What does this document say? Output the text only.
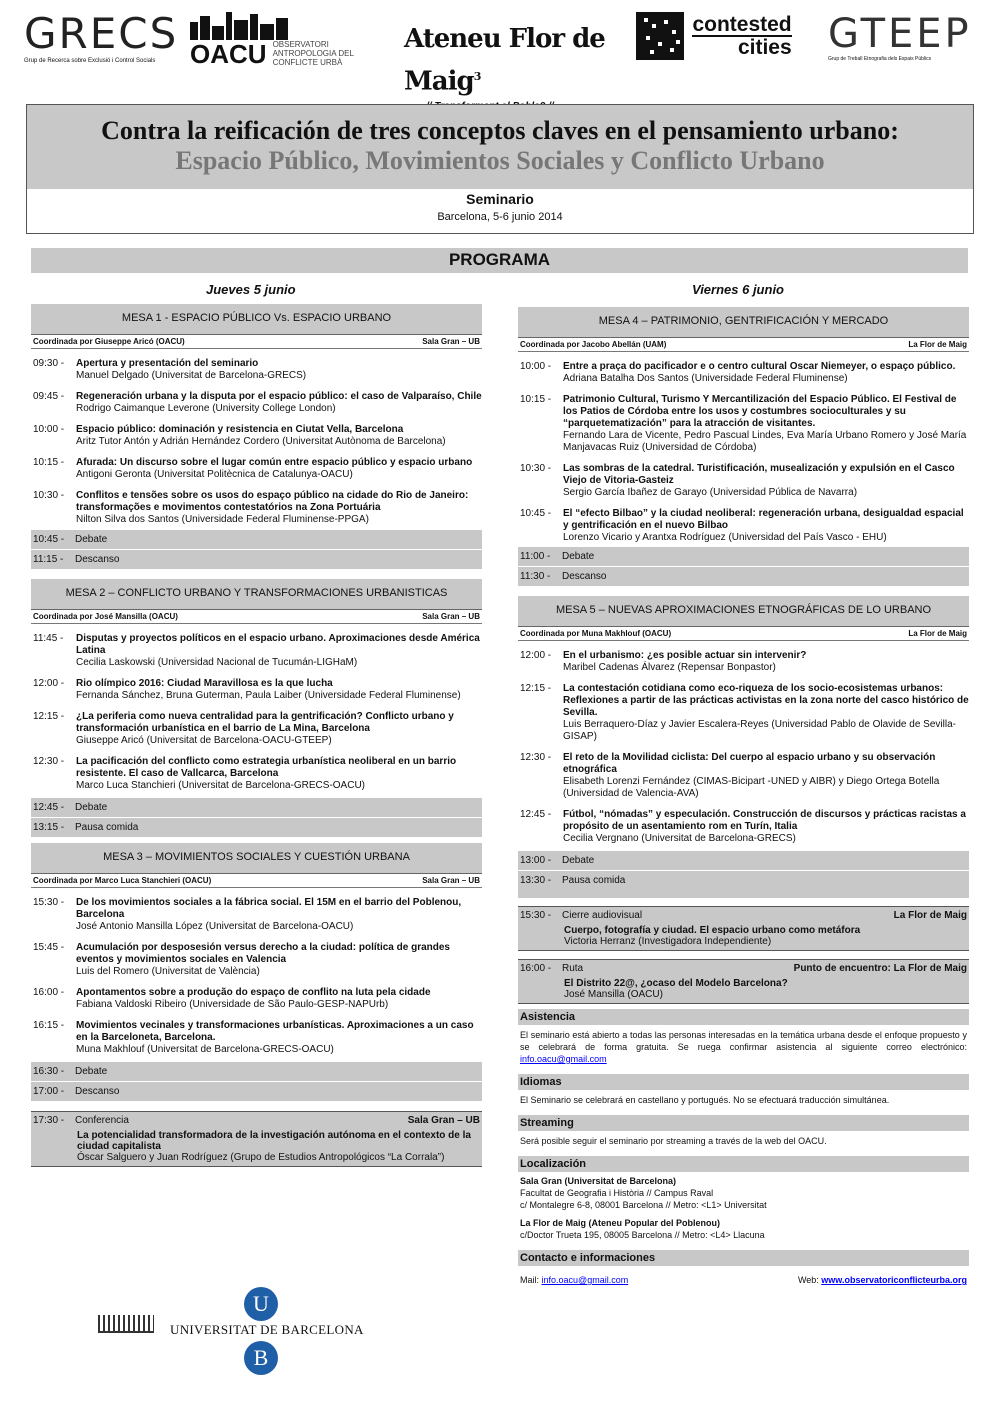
GRECS
Grup de Recerca sobre Exclusió i Control Socials	OACU OBSERVATORI ANTROPOLOGIA DEL CONFLICTE URBÀ
Ateneu Flor de Maig$^3$

contested
cities GTEEP
Grup de Treball Etnografia dels Espais Públics
Contra la reificación de tres conceptos claves en el pensamiento urbano:
Espacio Público, Movimientos Sociales y Conflicto Urbano
Seminario
Barcelona, 5-6 junio 2014
PROGRAMA
Jueves 5 junio	Viernes 6 junio
MESA 1 - ESPACIO PÚBLICO Vs. ESPACIO URBANO
Coordinada por Giuseppe Aricó (OACU)	Sala Gran – UB
09:30 -	Apertura y presentación del seminario
Manuel Delgado (Universitat de Barcelona-GRECS)
09:45 -	Regeneración urbana y la disputa por el espacio público: el caso de Valparaíso, Chile
Rodrigo Caimanque Leverone (University College London)
10:00 -	Espacio público: dominación y resistencia en Ciutat Vella, Barcelona
Aritz Tutor Antón y Adrián Hernández Cordero (Universitat Autònoma de Barcelona)
10:15 -	Afurada: Un discurso sobre el lugar común entre espacio público y espacio urbano
Antigoni Geronta (Universitat Politècnica de Catalunya-OACU)
10:30 -	Conflitos e tensões sobre os usos do espaço público na cidade do Rio de Janeiro: transformações e movimentos contestatórios na Zona Portuária
Nilton Silva dos Santos (Universidade Federal Fluminense-PPGA)
10:45 - Debate
11:15 - Descanso
MESA 2 – CONFLICTO URBANO Y TRANSFORMACIONES URBANISTICAS
Coordinada por José Mansilla (OACU)	Sala Gran – UB
11:45 -	Disputas y proyectos políticos en el espacio urbano. Aproximaciones desde América Latina
Cecilia Laskowski (Universidad Nacional de Tucumán-LIGHaM)
12:00 -	Rio olímpico 2016: Ciudad Maravillosa es la que lucha
Fernanda Sánchez, Bruna Guterman, Paula Laiber (Universidade Federal Fluminense)
12:15 -	¿La periferia como nueva centralidad para la gentrificación? Conflicto urbano y transformación urbanística en el barrio de La Mina, Barcelona
Giuseppe Aricó (Universitat de Barcelona-OACU-GTEEP)
12:30 -	La pacificación del conflicto como estrategia urbanística neoliberal en un barrio resistente. El caso de Vallcarca, Barcelona
Marco Luca Stanchieri (Universitat de Barcelona-GRECS-OACU)
12:45 - Debate
13:15 - Pausa comida
MESA 3 – MOVIMIENTOS SOCIALES Y CUESTIÓN URBANA
Coordinada por Marco Luca Stanchieri (OACU)	Sala Gran – UB
15:30 -	De los movimientos sociales a la fábrica social. El 15M en el barrio del Poblenou, Barcelona
José Antonio Mansilla López (Universitat de Barcelona-OACU)
15:45 -	Acumulación por desposesión versus derecho a la ciudad: política de grandes eventos y movimientos sociales en Valencia
Luis del Romero (Universitat de València)
16:00 -	Apontamentos sobre a produção do espaço de conflito na luta pela cidade
Fabiana Valdoski Ribeiro (Universidade de São Paulo-GESP-NAPUrb)
16:15 -	Movimientos vecinales y transformaciones urbanísticas. Aproximaciones a un caso en la Barceloneta, Barcelona.
Muna Makhlouf (Universitat de Barcelona-GRECS-OACU)
16:30 - Debate
17:00 - Descanso
17:30 - Conferencia	Sala Gran – UB
La potencialidad transformadora de la investigación autónoma en el contexto de la ciudad capitalista
Óscar Salguero y Juan Rodríguez (Grupo de Estudios Antropológicos “La Corrala”)
MESA 4 – PATRIMONIO, GENTRIFICACIÓN Y MERCADO
Coordinada por Jacobo Abellán (UAM)	La Flor de Maig
10:00 -	Entre a praça do pacificador e o centro cultural Oscar Niemeyer, o espaço público.
Adriana Batalha Dos Santos (Universidade Federal Fluminense)
10:15 -	Patrimonio Cultural, Turismo Y Mercantilización del Espacio Público. El Festival de los Patios de Córdoba entre los usos y costumbres socioculturales y su “parquetematización” para la atracción de visitantes.
Fernando Lara de Vicente, Pedro Pascual Lindes, Eva María Urbano Romero y José María Manjavacas Ruiz (Universidad de Córdoba)
10:30 -	Las sombras de la catedral. Turistificación, musealización y expulsión en el Casco Viejo de Vitoria-Gasteiz
Sergio García Ibañez de Garayo (Universidad Pública de Navarra)
10:45 -	El “efecto Bilbao” y la ciudad neoliberal: regeneración urbana, desigualdad espacial y gentrificación en el nuevo Bilbao
Lorenzo Vicario y Arantxa Rodríguez (Universidad del País Vasco - EHU)
11:00 - Debate
11:30 - Descanso
MESA 5 – NUEVAS APROXIMACIONES ETNOGRÁFICAS DE LO URBANO
Coordinada por Muna Makhlouf (OACU)	La Flor de Maig
12:00 -	En el urbanismo: ¿es posible actuar sin intervenir?
Maribel Cadenas Álvarez (Repensar Bonpastor)
12:15 -	La contestación cotidiana como eco-riqueza de los socio-ecosistemas urbanos: Reflexiones a partir de las prácticas activistas en la zona norte del casco histórico de Sevilla.
Luis Berraquero-Díaz y Javier Escalera-Reyes (Universidad Pablo de Olavide de Sevilla-GISAP)
12:30 -	El reto de la Movilidad ciclista: Del cuerpo al espacio urbano y su observación etnográfica
Elisabeth Lorenzi Fernández (CIMAS-Bicipart -UNED y AIBR) y Diego Ortega Botella (Universidad de Valencia-AVA)
12:45 -	Fútbol, “nómadas” y especulación. Construcción de discursos y prácticas racistas a propósito de un asentamiento rom en Turín, Italia
Cecilia Vergnano (Universitat de Barcelona-GRECS)
13:00 - Debate
13:30 - Pausa comida
15:30 - Cierre audiovisual	La Flor de Maig
Cuerpo, fotografía y ciudad. El espacio urbano como metáfora
Victoria Herranz (Investigadora Independiente)
16:00 - Ruta	Punto de encuentro: La Flor de Maig
El Distrito 22@, ¿ocaso del Modelo Barcelona?
José Mansilla (OACU)
Asistencia
El seminario está abierto a todas las personas interesadas en la temática urbana desde el enfoque propuesto y se celebrará de forma gratuita. Se ruega confirmar asistencia al siguiente correo electrónico: info.oacu@gmail.com
Idiomas
El Seminario se celebrará en castellano y portugués. No se efectuará traducción simultánea.
Streaming
Será posible seguir el seminario por streaming a través de la web del OACU.
Localización
Sala Gran (Universitat de Barcelona)
Facultat de Geografia i Història // Campus Raval
c/ Montalegre 6-8, 08001 Barcelona // Metro: <L1> Universitat
La Flor de Maig (Ateneu Popular del Poblenou)
c/Doctor Trueta 195, 08005 Barcelona // Metro: <L4> Llacuna
Contacto e informaciones
Mail: info.oacu@gmail.com	Web: www.observatoriconflicteurba.org
U
UNIVERSITAT DE BARCELONA
B
